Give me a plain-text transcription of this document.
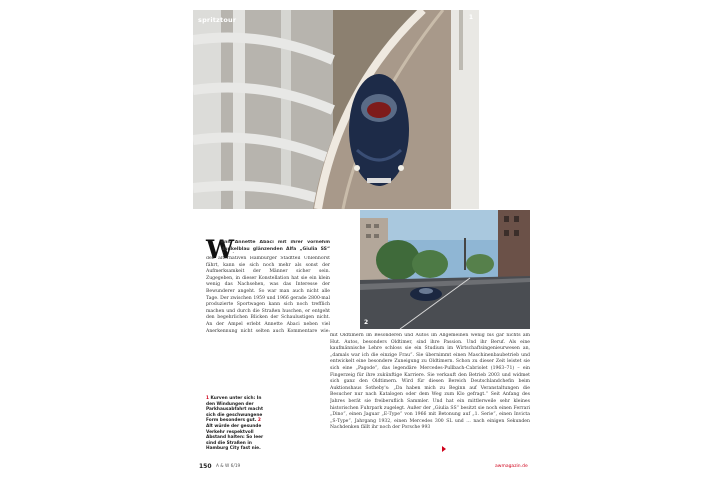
spritztour	1
2
W

enn Annette Abaci mit ihrer vornehm dunkelblau glänzenden Alfa „Giulia SS“

den alternativen Hamburger Stadtteil Uhlenhorst fährt, kann sie sich noch mehr als sonst der Aufmerksamkeit der Männer sicher sein. Zugegeben, in dieser Konstellation hat sie ein klein wenig das Nachsehen, was das Interesse der Bewunderer angeht. So war man auch nicht alle Tage. Der zwischen 1959 und 1966 gerade 2800-mal produzierte Sportwagen kann sich noch trefflich machen und durch die Straßen huschen, er entgeht den begehrlichen Blicken der Schaulustigen nicht. An der Ampel erlebt Annette Abaci neben viel Anerkennung nicht selten auch Kommentare wie:

mit Oldtimern im Besonderen und Autos im Allgemeinen wenig bis gar nichts am Hut. Autos, besonders Oldtimer, sind ihre Passion. Und ihr Beruf. Als eine kaufmännische Lehre schloss sie ein Studium im Wirtschaftsingenieurwesen an, „damals war ich die einzige Frau“. Sie übernimmt einen Maschinenbaubetrieb und entwickelt eine besondere Zuneigung zu Oldtimern. Schon zu dieser Zeit leistet sie sich eine „Pagode“, das legendäre Mercedes-Pullbach-Cabriolet (1963–71) – ein Fingerzeig für ihre zukünftige Karriere. Sie verkauft den Betrieb 2003 und widmet sich ganz den Oldtimern. Wird für diesen Bereich Deutschlandchefin beim Auktionshaus Sotheby's: „Da haben mich zu Beginn auf Veranstaltungen die Besucher nur nach Katalogen oder dem Weg zum Klo gefragt.“ Seit Anfang des Jahres berät sie freiberuflich Sammler. Und hat ein mittlerweile sehr kleines historischen Fuhrpark zugelegt. Außer der „Giulia SS“ besitzt sie noch einen Ferrari „Dino“, einen Jaguar „E-Type“ von 1966 mit Betonung auf „1. Serie“, einen Invicta „S-Type“, Jahrgang 1932, einen Mercedes 300 SL und … nach einigen Sekunden Nachdenken fällt ihr noch der Porsche 993

1 Kurven unter sich: In den Windungen der Parkhausabfahrt macht sich die geschwungene Form besonders gut. 2 Alt würde der gesunde Verkehr respektvoll Abstand halten: So leer sind die Straßen in Hamburg City fast nie.
150 A & W 6/19	awmagazin.de
